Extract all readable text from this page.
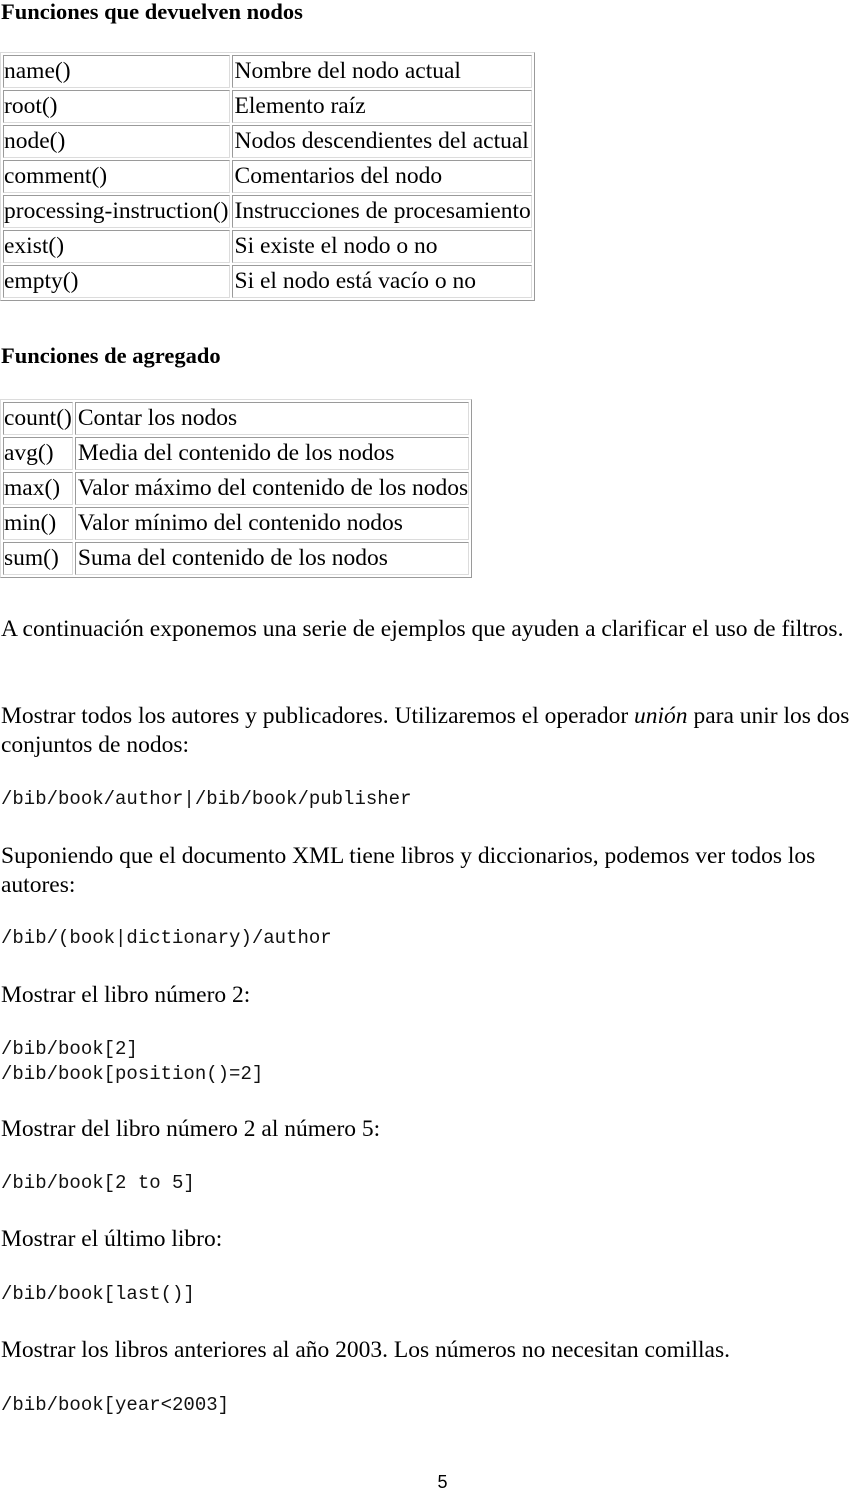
Funciones que devuelven nodos
name()	Nombre del nodo actual
root()	Elemento raíz
node()	Nodos descendientes del actual
comment()	Comentarios del nodo
processing-instruction()	Instrucciones de procesamiento
exist()	Si existe el nodo o no
empty()	Si el nodo está vacío o no
Funciones de agregado
count()	Contar los nodos
avg()	Media del contenido de los nodos
max()	Valor máximo del contenido de los nodos
min()	Valor mínimo del contenido nodos
sum()	Suma del contenido de los nodos

A continuación exponemos una serie de ejemplos que ayuden a clarificar el uso de filtros.

Mostrar todos los autores y publicadores. Utilizaremos el operador unión para unir los dos conjuntos de nodos:

/bib/book/author|/bib/book/publisher

Suponiendo que el documento XML tiene libros y diccionarios, podemos ver todos los autores:

/bib/(book|dictionary)/author

Mostrar el libro número 2:

/bib/book[2]
/bib/book[position()=2]

Mostrar del libro número 2 al número 5:

/bib/book[2 to 5]

Mostrar el último libro:

/bib/book[last()]

Mostrar los libros anteriores al año 2003. Los números no necesitan comillas.

/bib/book[year<2003]
5
